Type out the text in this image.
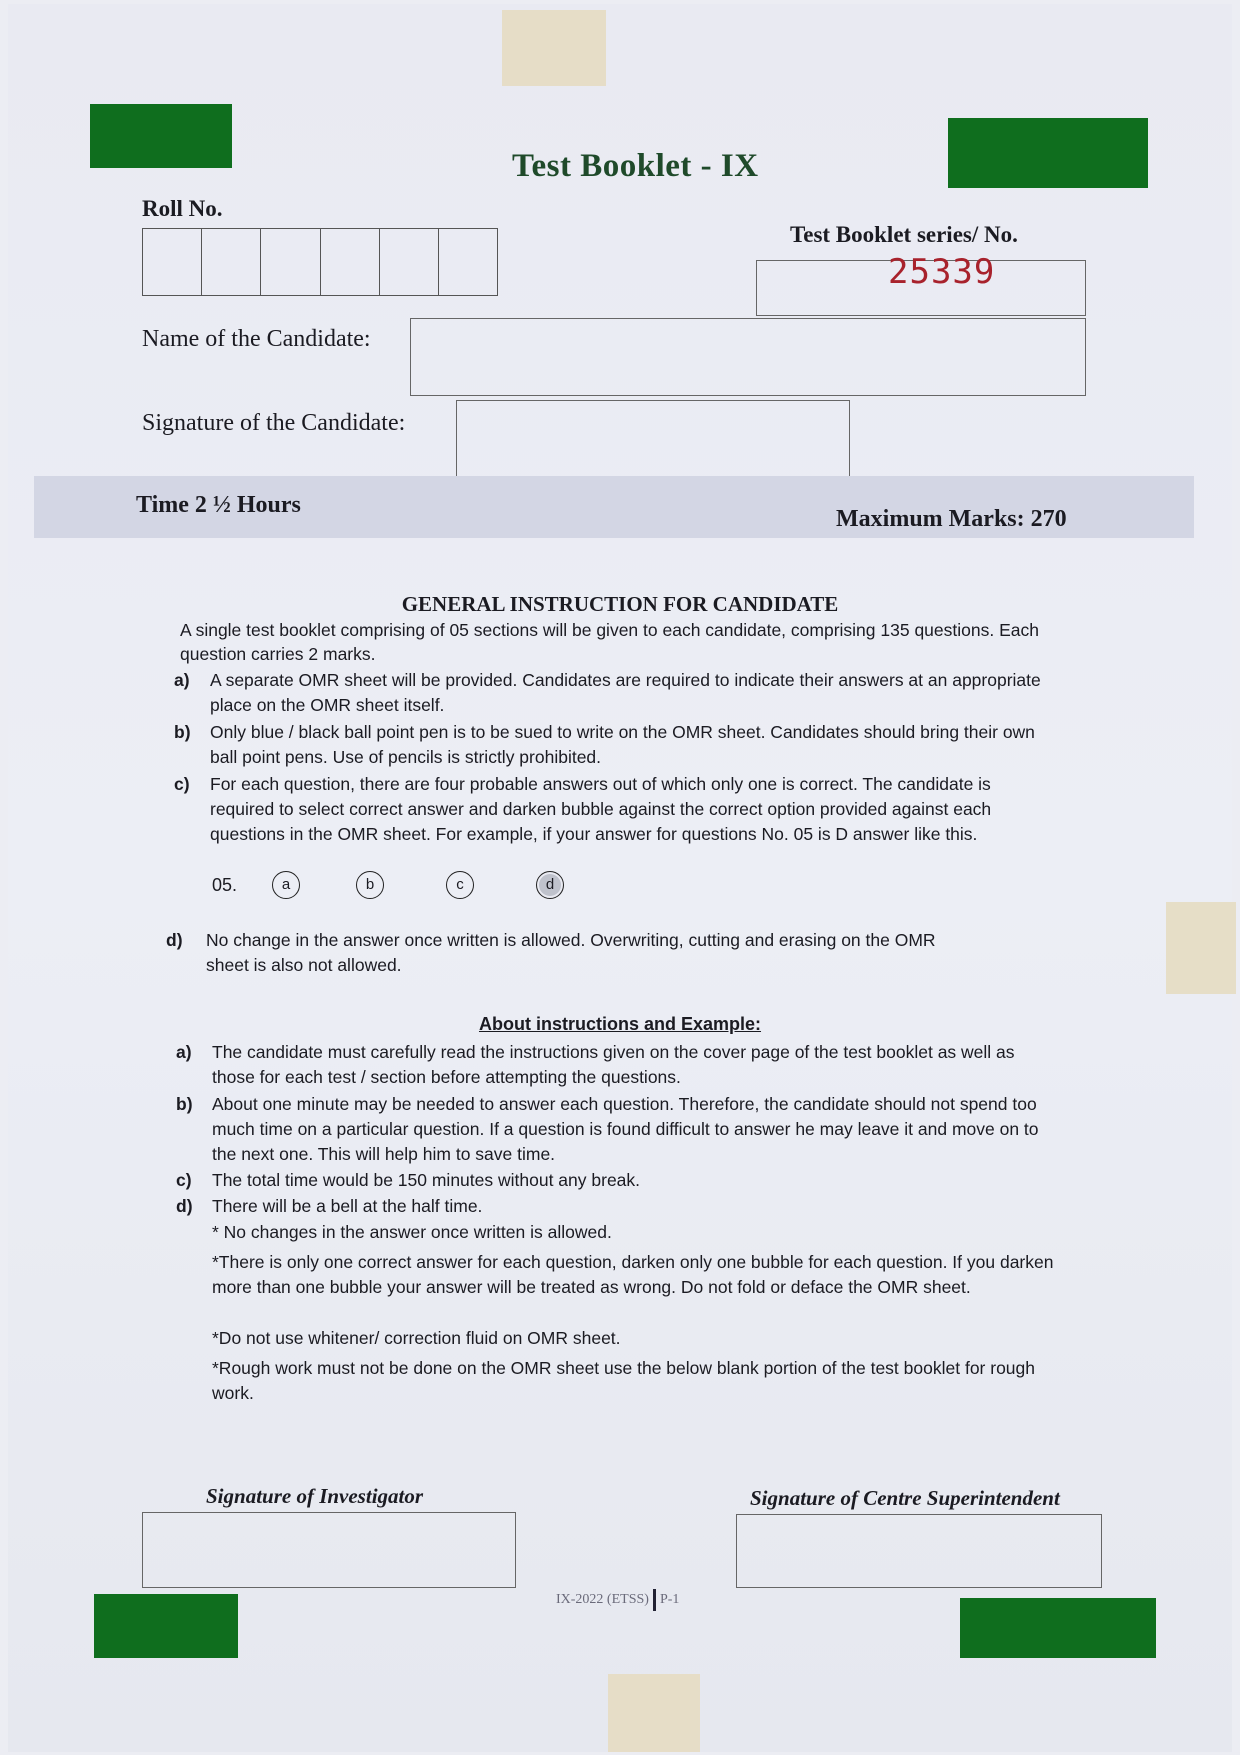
Test Booklet - IX
Roll No.
Test Booklet series/ No.
25339
Name of the Candidate:
Signature of the Candidate:
Time 2 ½ Hours
Maximum Marks: 270
GENERAL INSTRUCTION FOR CANDIDATE
A single test booklet comprising of 05 sections will be given to each candidate, comprising 135 questions. Each question carries 2 marks.
a) A separate OMR sheet will be provided. Candidates are required to indicate their answers at an appropriate place on the OMR sheet itself.
b) Only blue / black ball point pen is to be sued to write on the OMR sheet. Candidates should bring their own ball point pens. Use of pencils is strictly prohibited.
c) For each question, there are four probable answers out of which only one is correct. The candidate is required to select correct answer and darken bubble against the correct option provided against each questions in the OMR sheet. For example, if your answer for questions No. 05 is D answer like this.
05.	a	b	c	d
d) No change in the answer once written is allowed. Overwriting, cutting and erasing on the OMR sheet is also not allowed.
About instructions and Example:
a) The candidate must carefully read the instructions given on the cover page of the test booklet as well as those for each test / section before attempting the questions.
b) About one minute may be needed to answer each question. Therefore, the candidate should not spend too much time on a particular question. If a question is found difficult to answer he may leave it and move on to the next one. This will help him to save time.
c) The total time would be 150 minutes without any break.
d) There will be a bell at the half time.
* No changes in the answer once written is allowed.
*There is only one correct answer for each question, darken only one bubble for each question. If you darken more than one bubble your answer will be treated as wrong. Do not fold or deface the OMR sheet.
*Do not use whitener/ correction fluid on OMR sheet.
*Rough work must not be done on the OMR sheet use the below blank portion of the test booklet for rough work.
Signature of Investigator	Signature of Centre Superintendent
IX-2022 (ETSS) P-1
